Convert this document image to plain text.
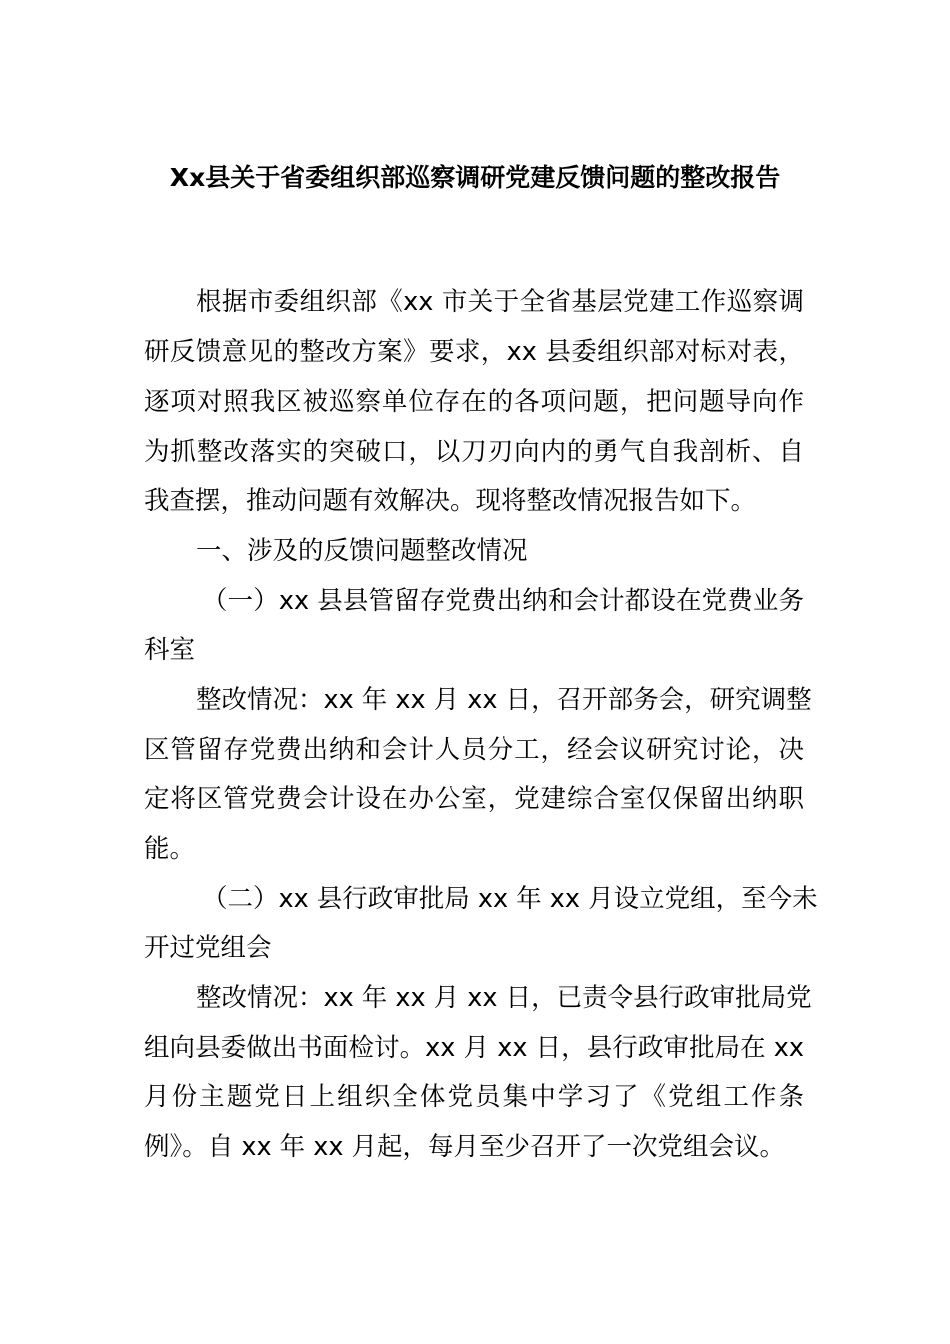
Xx县关于省委组织部巡察调研党建反馈问题的整改报告

根据市委组织部《xx 市关于全省基层党建工作巡察调

研反馈意见的整改方案》要求，xx 县委组织部对标对表，

逐项对照我区被巡察单位存在的各项问题，把问题导向作

为抓整改落实的突破口，以刀刃向内的勇气自我剖析、自

我查摆，推动问题有效解决。现将整改情况报告如下。

一、涉及的反馈问题整改情况

（一）xx 县县管留存党费出纳和会计都设在党费业务

科室

整改情况：xx 年 xx 月 xx 日，召开部务会，研究调整

区管留存党费出纳和会计人员分工，经会议研究讨论，决

定将区管党费会计设在办公室，党建综合室仅保留出纳职

能。

（二）xx 县行政审批局 xx 年 xx 月设立党组，至今未

开过党组会

整改情况：xx 年 xx 月 xx 日，已责令县行政审批局党

组向县委做出书面检讨。xx 月 xx 日，县行政审批局在 xx

月份主题党日上组织全体党员集中学习了《党组工作条

例》。自 xx 年 xx 月起，每月至少召开了一次党组会议。
